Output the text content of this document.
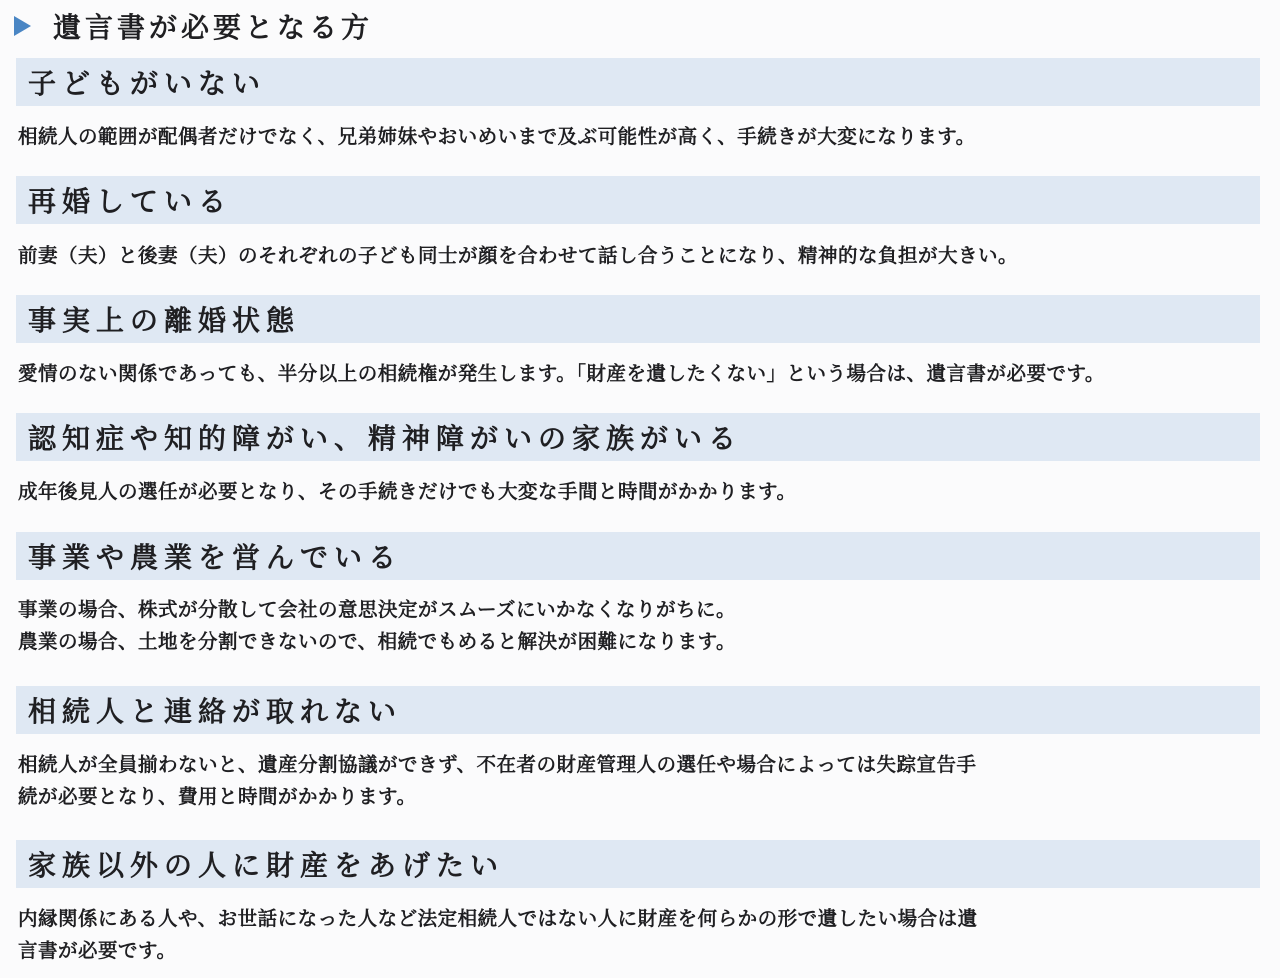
遺言書が必要となる方
子どもがいない
相続人の範囲が配偶者だけでなく、兄弟姉妹やおいめいまで及ぶ可能性が高く、手続きが大変になります。
再婚している
前妻（夫）と後妻（夫）のそれぞれの子ども同士が顔を合わせて話し合うことになり、精神的な負担が大きい。
事実上の離婚状態
愛情のない関係であっても、半分以上の相続権が発生します。「財産を遺したくない」という場合は、遺言書が必要です。
認知症や知的障がい、精神障がいの家族がいる
成年後見人の選任が必要となり、その手続きだけでも大変な手間と時間がかかります。
事業や農業を営んでいる
事業の場合、株式が分散して会社の意思決定がスムーズにいかなくなりがちに。
農業の場合、土地を分割できないので、相続でもめると解決が困難になります。
相続人と連絡が取れない
相続人が全員揃わないと、遺産分割協議ができず、不在者の財産管理人の選任や場合によっては失踪宣告手
続が必要となり、費用と時間がかかります。
家族以外の人に財産をあげたい
内縁関係にある人や、お世話になった人など法定相続人ではない人に財産を何らかの形で遺したい場合は遺
言書が必要です。
